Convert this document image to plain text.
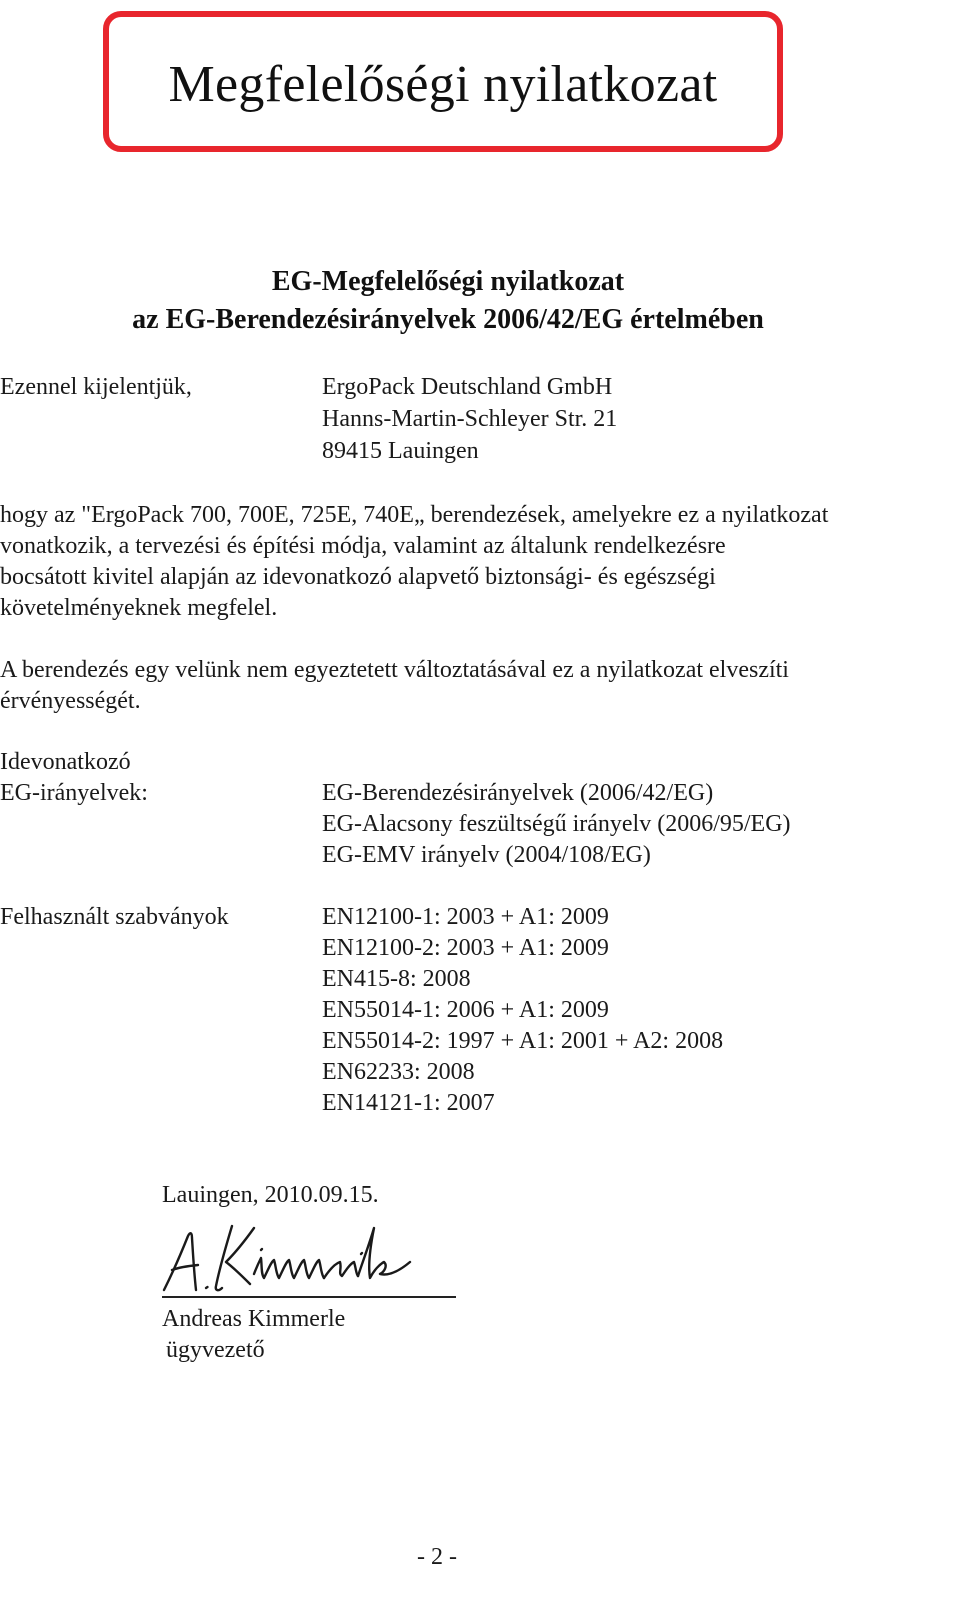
Megfelelőségi nyilatkozat
EG-Megfelelőségi nyilatkozat
az EG-Berendezésirányelvek 2006/42/EG értelmében
Ezennel kijelentjük,	ErgoPack Deutschland GmbH
Hanns-Martin-Schleyer Str. 21
89415 Lauingen
hogy az "ErgoPack 700, 700E, 725E, 740E„ berendezések, amelyekre ez a nyilatkozat
vonatkozik, a tervezési és építési módja, valamint az általunk rendelkezésre
bocsátott kivitel alapján az idevonatkozó alapvető biztonsági- és egészségi
követelményeknek megfelel.
A berendezés egy velünk nem egyeztetett változtatásával ez a nyilatkozat elveszíti
érvényességét.
Idevonatkozó
EG-irányelvek:	EG-Berendezésirányelvek (2006/42/EG)
EG-Alacsony feszültségű irányelv (2006/95/EG)
EG-EMV irányelv (2004/108/EG)
Felhasznált szabványok	EN12100-1: 2003 + A1: 2009
EN12100-2: 2003 + A1: 2009
EN415-8: 2008
EN55014-1: 2006 + A1: 2009
EN55014-2: 1997 + A1: 2001 + A2: 2008
EN62233: 2008
EN14121-1: 2007
Lauingen, 2010.09.15.
Andreas Kimmerle
ügyvezető
- 2 -
